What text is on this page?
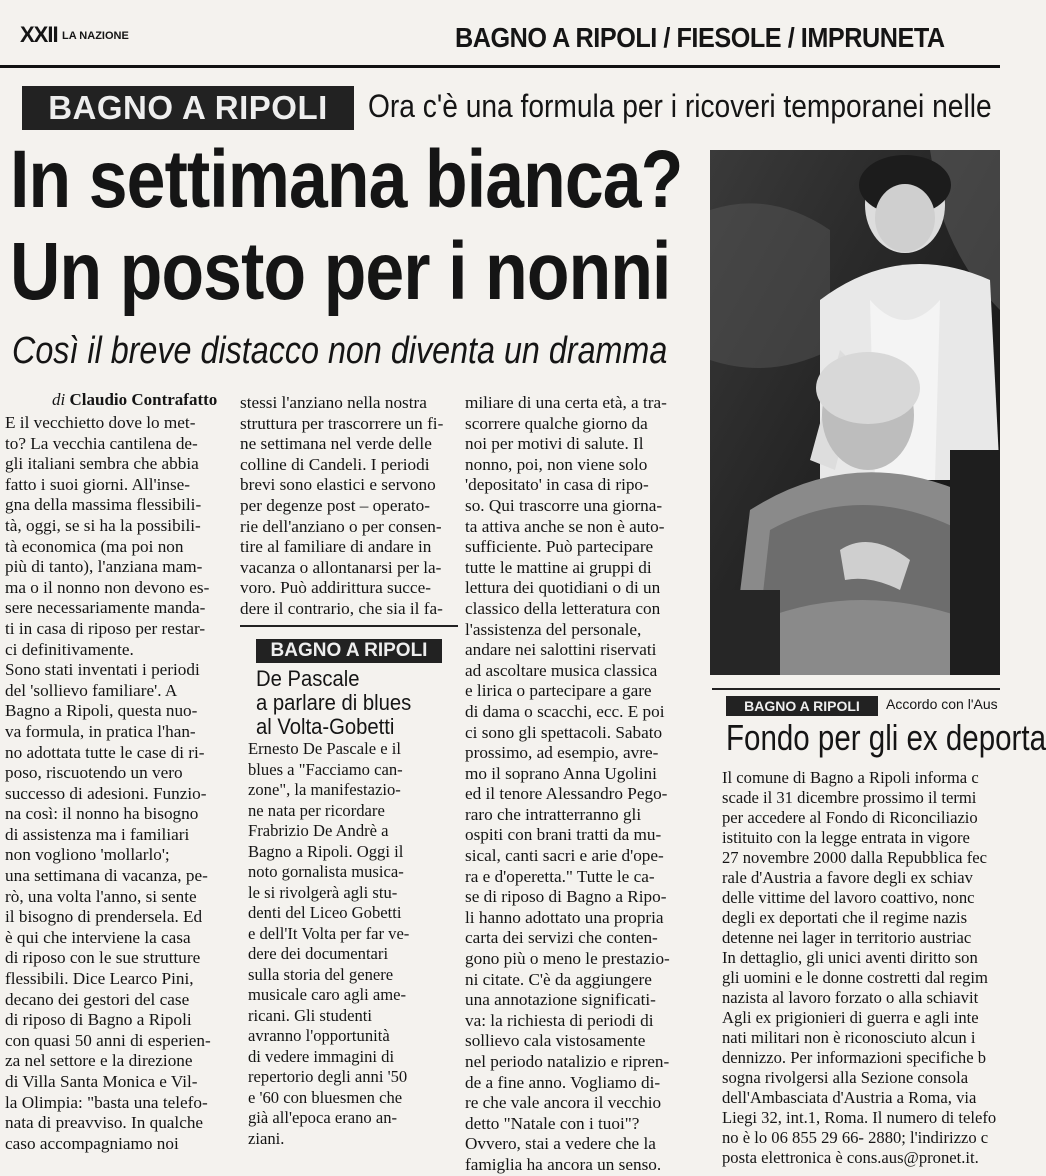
XXII LA NAZIONE	BAGNO A RIPOLI / FIESOLE / IMPRUNETA
BAGNO A RIPOLI	Ora c'è una formula per i ricoveri temporanei nelle
In settimana bianca?
Un posto per i nonni
Così il breve distacco non diventa un dramma
di Claudio Contrafatto
E il vecchietto dove lo met-
to? La vecchia cantilena de-
gli italiani sembra che abbia
fatto i suoi giorni. All'inse-
gna della massima flessibili-
tà, oggi, se si ha la possibili-
tà economica (ma poi non
più di tanto), l'anziana mam-
ma o il nonno non devono es-
sere necessariamente manda-
ti in casa di riposo per restar-
ci definitivamente.
Sono stati inventati i periodi
del 'sollievo familiare'. A
Bagno a Ripoli, questa nuo-
va formula, in pratica l'han-
no adottata tutte le case di ri-
poso, riscuotendo un vero
successo di adesioni. Funzio-
na così: il nonno ha bisogno
di assistenza ma i familiari
non vogliono 'mollarlo';
una settimana di vacanza, pe-
rò, una volta l'anno, si sente
il bisogno di prendersela. Ed
è qui che interviene la casa
di riposo con le sue strutture
flessibili. Dice Learco Pini,
decano dei gestori del case
di riposo di Bagno a Ripoli
con quasi 50 anni di esperien-
za nel settore e la direzione
di Villa Santa Monica e Vil-
la Olimpia: "basta una telefo-
nata di preavviso. In qualche
caso accompagniamo noi
stessi l'anziano nella nostra
struttura per trascorrere un fi-
ne settimana nel verde delle
colline di Candeli. I periodi
brevi sono elastici e servono
per degenze post – operato-
rie dell'anziano o per consen-
tire al familiare di andare in
vacanza o allontanarsi per la-
voro. Può addirittura succe-
dere il contrario, che sia il fa-
miliare di una certa età, a tra-
scorrere qualche giorno da
noi per motivi di salute. Il
nonno, poi, non viene solo
'depositato' in casa di ripo-
so. Qui trascorre una giorna-
ta attiva anche se non è auto-
sufficiente. Può partecipare
tutte le mattine ai gruppi di
lettura dei quotidiani o di un
classico della letteratura con
l'assistenza del personale,
andare nei salottini riservati
ad ascoltare musica classica
e lirica o partecipare a gare
di dama o scacchi, ecc. E poi
ci sono gli spettacoli. Sabato
prossimo, ad esempio, avre-
mo il soprano Anna Ugolini
ed il tenore Alessandro Pego-
raro che intratterranno gli
ospiti con brani tratti da mu-
sical, canti sacri e arie d'ope-
ra e d'operetta." Tutte le ca-
se di riposo di Bagno a Ripo-
li hanno adottato una propria
carta dei servizi che conten-
gono più o meno le prestazio-
ni citate. C'è da aggiungere
una annotazione significati-
va: la richiesta di periodi di
sollievo cala vistosamente
nel periodo natalizio e ripren-
de a fine anno. Vogliamo di-
re che vale ancora il vecchio
detto "Natale con i tuoi"?
Ovvero, stai a vedere che la
famiglia ha ancora un senso.
BAGNO A RIPOLI
De Pascale
a parlare di blues
al Volta-Gobetti
Ernesto De Pascale e il
blues a "Facciamo can-
zone", la manifestazio-
ne nata per ricordare
Frabrizio De Andrè a
Bagno a Ripoli. Oggi il
noto gornalista musica-
le si rivolgerà agli stu-
denti del Liceo Gobetti
e dell'It Volta per far ve-
dere dei documentari
sulla storia del genere
musicale caro agli ame-
ricani. Gli studenti
avranno l'opportunità
di vedere immagini di
repertorio degli anni '50
e '60 con bluesmen che
già all'epoca erano an-
ziani.
BAGNO A RIPOLI	Accordo con l'Aus
Fondo per gli ex deporta
Il comune di Bagno a Ripoli informa c
scade il 31 dicembre prossimo il termi
per accedere al Fondo di Riconciliazio
istituito con la legge entrata in vigore
27 novembre 2000 dalla Repubblica fec
rale d'Austria a favore degli ex schiav
delle vittime del lavoro coattivo, nonc
degli ex deportati che il regime nazis
detenne nei lager in territorio austriac
In dettaglio, gli unici aventi diritto son
gli uomini e le donne costretti dal regim
nazista al lavoro forzato o alla schiavit
Agli ex prigionieri di guerra e agli inte
nati militari non è riconosciuto alcun i
dennizzo. Per informazioni specifiche b
sogna rivolgersi alla Sezione consola
dell'Ambasciata d'Austria a Roma, via
Liegi 32, int.1, Roma. Il numero di telefo
no è lo 06 855 29 66- 2880; l'indirizzo c
posta elettronica è cons.aus@pronet.it.
